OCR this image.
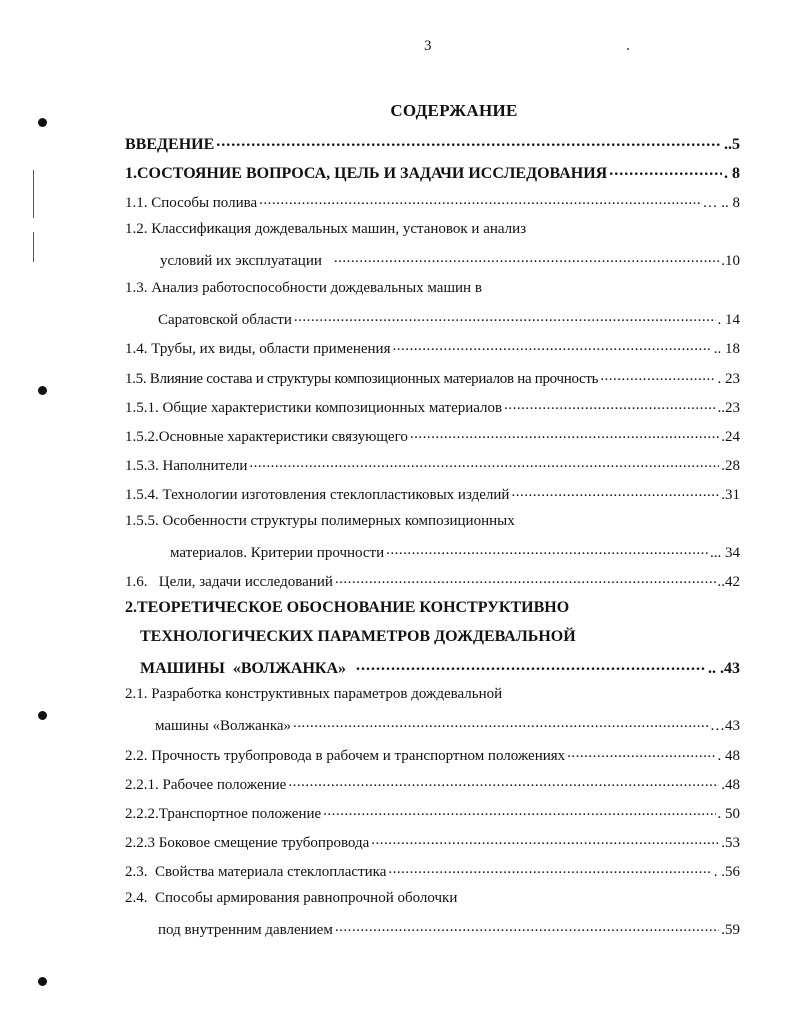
3
СОДЕРЖАНИЕ
ВВЕДЕНИЕ .....	..5
1.СОСТОЯНИЕ ВОПРОСА, ЦЕЛЬ И ЗАДАЧИ ИССЛЕДОВАНИЯ .....	. 8
1.1. Способы полива .....	… .. 8
1.2. Классификация дождевальных машин, установок и анализ
условий их эксплуатации .....	.10
1.3. Анализ работоспособности дождевальных машин в
Саратовской области .....	. 14
1.4. Трубы, их виды, области применения .....	.. 18
1.5. Влияние состава и структуры композиционных материалов на прочность .....	. 23
1.5.1. Общие характеристики композиционных материалов .....	..23
1.5.2.Основные характеристики связующего .....	.24
1.5.3. Наполнители .....	.28
1.5.4. Технологии изготовления стеклопластиковых изделий .....	.31
1.5.5. Особенности структуры полимерных композиционных
материалов. Критерии прочности .....	... 34
1.6.   Цели, задачи исследований .....	..42
2.ТЕОРЕТИЧЕСКОЕ ОБОСНОВАНИЕ КОНСТРУКТИВНО
ТЕХНОЛОГИЧЕСКИХ ПАРАМЕТРОВ ДОЖДЕВАЛЬНОЙ
МАШИНЫ  «ВОЛЖАНКА» .....	.. .43
2.1. Разработка конструктивных параметров дождевальной
машины «Волжанка» .....	…43
2.2. Прочность трубопровода в рабочем и транспортном положениях .....	. 48
2.2.1. Рабочее положение .....	.48
2.2.2.Транспортное положение .....	. 50
2.2.3 Боковое смещение трубопровода .....	.53
2.3.  Свойства материала стеклопластика .....	. .56
2.4.  Способы армирования равнопрочной оболочки
под внутренним давлением .....	.59
